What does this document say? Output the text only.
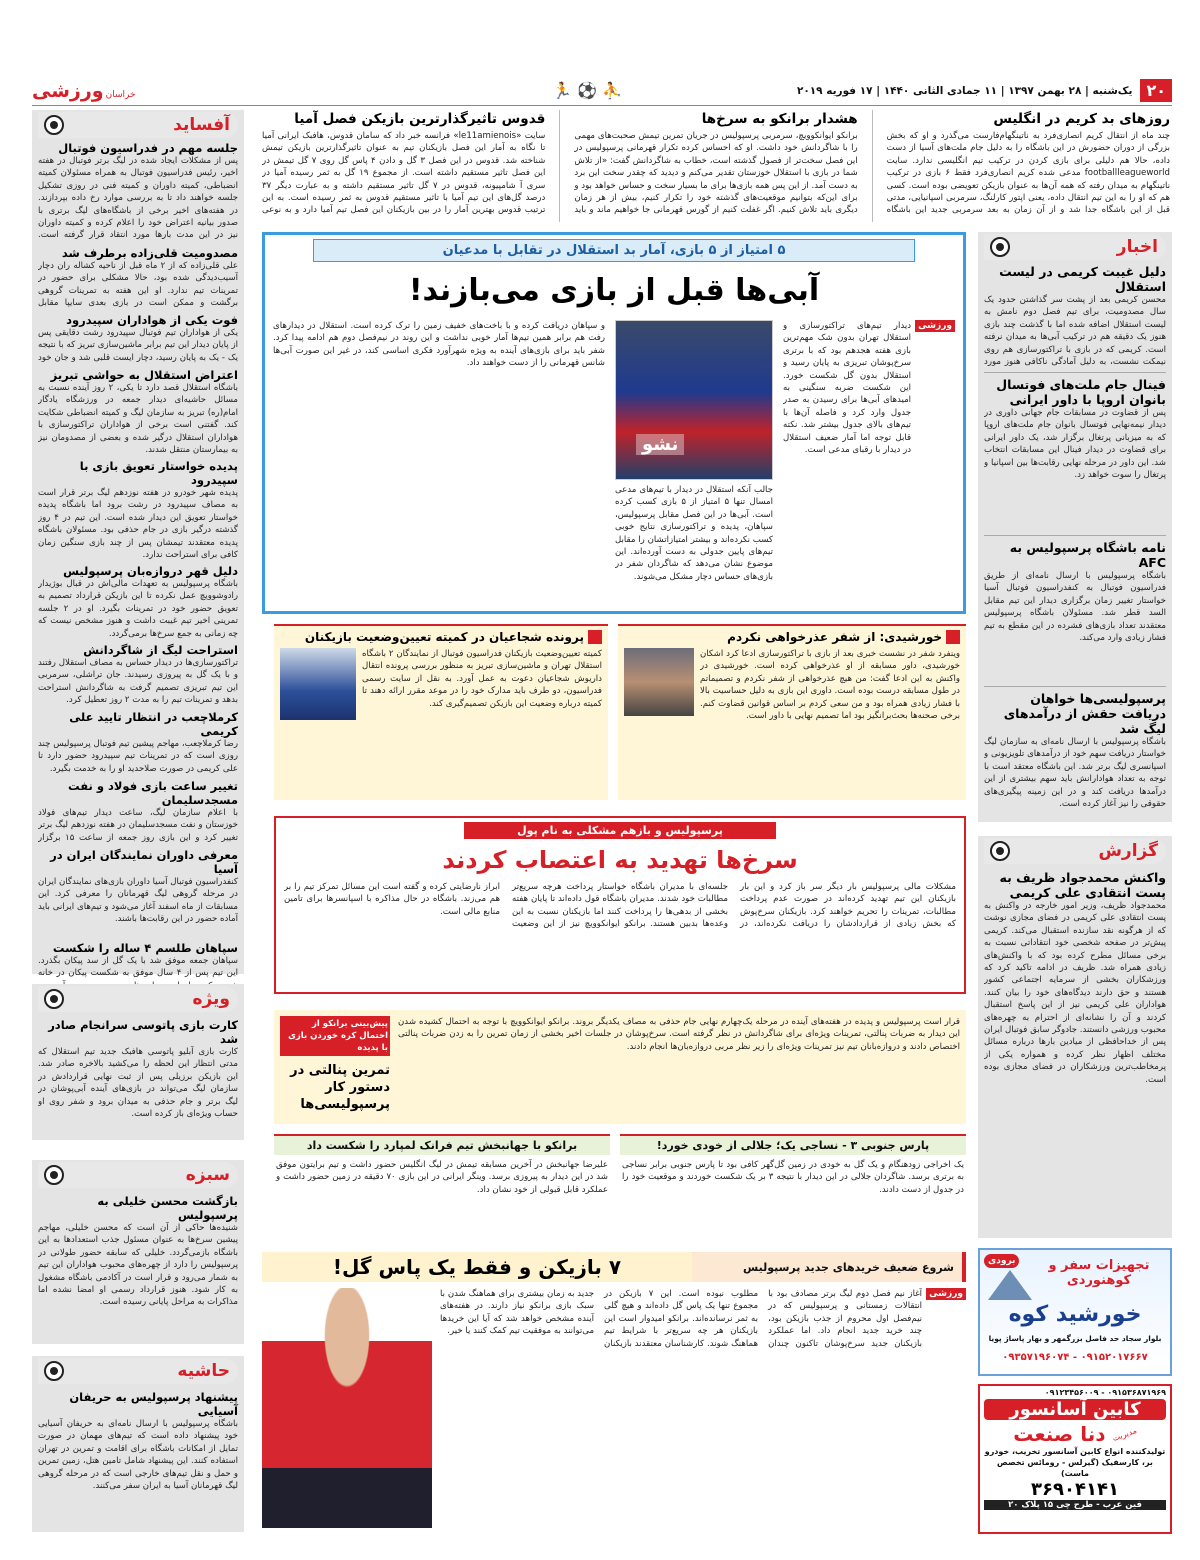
۲۰
یک‌شنبه | ۲۸ بهمن ۱۳۹۷ | ۱۱ جمادی الثانی ۱۴۴۰ | ۱۷ فوریه ۲۰۱۹
⛹ ⚽ 🏃
خراسان
ورزشی
روزهای بد کریم در انگلیس
چند ماه از انتقال کریم انصاری‌فرد به ناتینگهام‌فارست می‌گذرد و او که بخش بزرگی از دوران حضورش در این باشگاه را به دلیل جام ملت‌های آسیا از دست داده، حالا هم دلیلی برای بازی کردن در ترکیب تیم انگلیسی ندارد. سایت footballleagueworld مدعی شده کریم انصاری‌فرد فقط ۶ بازی در ترکیب ناتینگهام به میدان رفته که همه آن‌ها به عنوان بازیکن تعویضی بوده است. کسی هم که او را به این تیم انتقال داده، یعنی اپتور کارلنگ، سرمربی اسپانیایی، مدتی قبل از این باشگاه جدا شد و از آن زمان به بعد سرمربی جدید این باشگاه
هشدار برانکو به سرخ‌ها
برانکو ایوانکوویچ، سرمربی پرسپولیس در جریان تمرین تیمش صحبت‌های مهمی را با شاگردانش خود داشت. او که احساس کرده تکرار قهرمانی پرسپولیس در این فصل سخت‌تر از فصول گذشته است، خطاب به شاگردانش گفت: «از تلاش شما در بازی با استقلال خوزستان تقدیر می‌کنم و دیدید که چقدر سخت این برد به دست آمد. از این پس همه بازی‌ها برای ما بسیار سخت و حساس خواهد بود و برای این‌که بتوانیم موقعیت‌های گذشته خود را تکرار کنیم، بیش از هر زمان دیگری باید تلاش کنیم. اگر غفلت کنیم از گورس قهرمانی جا خواهیم ماند و باید
قدوس تاثیرگذارترین بازیکن فصل آمیا
سایت «le11amienois» فرانسه خبر داد که سامان قدوس، هافبک ایرانی آمیا تا نگاه به آمار این فصل بازیکنان تیم به عنوان تاثیرگذارترین بازیکن تیمش شناخته شد. قدوس در این فصل ۳ گل و دادن ۴ پاس گل روی ۷ گل تیمش در این فصل تاثیر مستقیم داشته است. از مجموع ۱۹ گل به ثمر رسیده آمیا در سری آ شامپیونه، قدوس در ۷ گل تاثیر مستقیم داشته و به عبارت دیگر ۳۷ درصد گل‌های این تیم آمیا با تاثیر مستقیم قدوس به ثمر رسیده است. به این ترتیب قدوس بهترین آمار را در بین بازیکنان این فصل تیم آمیا دارد و به نوعی
آفساید
جلسه مهم در فدراسیون فوتبال
پس از مشکلات ایجاد شده در لیگ برتر فوتبال در هفته اخیر، رئیس فدراسیون فوتبال به همراه مسئولان کمیته انضباطی، کمیته داوران و کمیته فنی در روزی تشکیل جلسه خواهند داد تا به بررسی موارد رخ داده بپردازند. در هفته‌های اخیر برخی از باشگاه‌های لیگ برتری با صدور بیانیه اعتراض خود را اعلام کرده و کمیته داوران نیز در این مدت بارها مورد انتقاد قرار گرفته است.
مصدومیت قلی‌زاده برطرف شد
علی قلی‌زاده که از ۲ ماه قبل از ناحیه کشاله ران دچار آسیب‌دیدگی شده بود، حالا مشکلی برای حضور در تمرینات تیم ندارد. او این هفته به تمرینات گروهی برگشت و ممکن است در بازی بعدی سایپا مقابل
فوت یکی از هواداران سپیدرود
یکی از هواداران تیم فوتبال سپیدرود رشت دقایقی پس از پایان دیدار این تیم برابر ماشین‌سازی تبریز که با نتیجه یک - یک به پایان رسید، دچار ایست قلبی شد و جان خود
اعتراض استقلال به حواشی تبریز
باشگاه استقلال قصد دارد تا یکی، ۲ روز آینده نسبت به مسائل حاشیه‌ای دیدار جمعه در ورزشگاه یادگار امام(ره) تبریز به سازمان لیگ و کمیته انضباطی شکایت کند. گفتنی است برخی از هواداران تراکتورسازی با هواداران استقلال درگیر شده و بعضی از مصدومان نیز به بیمارستان منتقل شدند.
پدیده خواستار تعویق بازی با سپیدرود
پدیده شهر خودرو در هفته نوزدهم لیگ برتر قرار است به مصاف سپیدرود در رشت برود اما باشگاه پدیده خواستار تعویق این دیدار شده است. این تیم در ۴ روز گذشته درگیر بازی در جام حذفی بود. مسئولان باشگاه پدیده معتقدند تیمشان پس از چند بازی سنگین زمان کافی برای استراحت ندارد.
دلیل قهر دروازه‌بان پرسپولیس
باشگاه پرسپولیس به تعهدات مالی‌اش در قبال بوژیدار رادوشوویچ عمل نکرده تا این بازیکن قرارداد تصمیم به تعویق حضور خود در تمرینات بگیرد. او در ۲ جلسه تمرینی اخیر تیم غیبت داشت و هنوز مشخص نیست که چه زمانی به جمع سرخ‌ها برمی‌گردد.
استراحت لیگ از شاگردانش
تراکتورسازی‌ها در دیدار حساس به مصاف استقلال رفتند و با یک گل به پیروزی رسیدند. جان تراشلی، سرمربی این تیم تبریزی تصمیم گرفت به شاگردانش استراحت بدهد و تمرینات تیم را به مدت ۲ روز تعطیل کرد.
کرملاچعب در انتظار تایید علی کریمی
رضا کرملاچعب، مهاجم پیشین تیم فوتبال پرسپولیس چند روزی است که در تمرینات تیم سپیدرود حضور دارد تا علی کریمی در صورت صلاحدید او را به خدمت بگیرد.
تغییر ساعت بازی فولاد و نفت مسجدسلیمان
با اعلام سازمان لیگ، ساعت دیدار تیم‌های فولاد خوزستان و نفت مسجدسلیمان در هفته نوزدهم لیگ برتر تغییر کرد و این بازی روز جمعه از ساعت ۱۵ برگزار
معرفی داوران نمایندگان ایران در آسیا
کنفدراسیون فوتبال آسیا داوران بازی‌های نمایندگان ایران در مرحله گروهی لیگ قهرمانان را معرفی کرد. این مسابقات از ماه اسفند آغاز می‌شود و تیم‌های ایرانی باید آماده حضور در این رقابت‌ها باشند.
سپاهان طلسم ۴ ساله را شکست
سپاهان جمعه موفق شد با یک گل از سد پیکان بگذرد. این تیم پس از ۴ سال موفق به شکست پیکان در خانه
ویژه
کارت بازی پاتوسی سرانجام صادر شد
کارت بازی آبلیو پاتوسی هافبک جدید تیم استقلال که مدتی انتظار این لحظه را می‌کشید بالاخره صادر شد. این بازیکن برزیلی پس از ثبت نهایی قراردادش در سازمان لیگ می‌تواند در بازی‌های آینده آبی‌پوشان در لیگ برتر و جام حذفی به میدان برود و شفر روی او حساب ویژه‌ای باز کرده است.
سبزه
بازگشت محسن خلیلی به پرسپولیس
شنیده‌ها حاکی از آن است که محسن خلیلی، مهاجم پیشین سرخ‌ها به عنوان مسئول جذب استعدادها به این باشگاه بازمی‌گردد. خلیلی که سابقه حضور طولانی در پرسپولیس را دارد از چهره‌های محبوب هواداران این تیم به شمار می‌رود و قرار است در آکادمی باشگاه مشغول به کار شود. هنوز قرارداد رسمی او امضا نشده اما مذاکرات به مراحل پایانی رسیده است.
حاشیه
پیشنهاد پرسپولیس به حریفان آسیایی
باشگاه پرسپولیس با ارسال نامه‌ای به حریفان آسیایی خود پیشنهاد داده است که تیم‌های مهمان در صورت تمایل از امکانات باشگاه برای اقامت و تمرین در تهران استفاده کنند. این پیشنهاد شامل تامین هتل، زمین تمرین و حمل و نقل تیم‌های خارجی است که در مرحله گروهی لیگ قهرمانان آسیا به ایران سفر می‌کنند.
اخبار
دلیل غیبت کریمی در لیست استقلال
محسن کریمی بعد از پشت سر گذاشتن حدود یک سال مصدومیت، برای تیم فصل دوم نامش به لیست استقلال اضافه شده اما با گذشت چند بازی هنوز یک دقیقه هم در ترکیب آبی‌ها به میدان نرفته است. کریمی که در بازی با تراکتورسازی هم روی نیمکت نشست، به دلیل آمادگی ناکافی هنوز مورد
فینال جام ملت‌های فوتسال بانوان اروپا با داور ایرانی
پس از قضاوت در مسابقات جام جهانی داوری در دیدار نیمه‌نهایی فوتسال بانوان جام ملت‌های اروپا که به میزبانی پرتغال برگزار شد، یک داور ایرانی برای قضاوت در دیدار فینال این مسابقات انتخاب شد. این داور در مرحله نهایی رقابت‌ها بین اسپانیا و پرتغال را سوت خواهد زد.
نامه باشگاه پرسپولیس به AFC
باشگاه پرسپولیس با ارسال نامه‌ای از طریق فدراسیون فوتبال به کنفدراسیون فوتبال آسیا خواستار تغییر زمان برگزاری دیدار این تیم مقابل السد قطر شد. مسئولان باشگاه پرسپولیس معتقدند تعداد بازی‌های فشرده در این مقطع به تیم فشار زیادی وارد می‌کند.
پرسپولیسی‌ها خواهان دریافت حقش از درآمدهای لیگ شد
باشگاه پرسپولیس با ارسال نامه‌ای به سازمان لیگ خواستار دریافت سهم خود از درآمدهای تلویزیونی و اسپانسری لیگ برتر شد. این باشگاه معتقد است با توجه به تعداد هوادارانش باید سهم بیشتری از این درآمدها دریافت کند و در این زمینه پیگیری‌های حقوقی را نیز آغاز کرده است.
گزارش
واکنش محمدجواد ظریف به پست انتقادی علی کریمی
محمدجواد ظریف، وزیر امور خارجه در واکنش به پست انتقادی علی کریمی در فضای مجازی نوشت که از هرگونه نقد سازنده استقبال می‌کند. کریمی پیش‌تر در صفحه شخصی خود انتقاداتی نسبت به برخی مسائل مطرح کرده بود که با واکنش‌های زیادی همراه شد. ظریف در ادامه تاکید کرد که ورزشکاران بخشی از سرمایه اجتماعی کشور هستند و حق دارند دیدگاه‌های خود را بیان کنند. هواداران علی کریمی نیز از این پاسخ استقبال کردند و آن را نشانه‌ای از احترام به چهره‌های محبوب ورزشی دانستند. جادوگر سابق فوتبال ایران پس از خداحافظی از میادین بارها درباره مسائل مختلف اظهار نظر کرده و همواره یکی از پرمخاطب‌ترین ورزشکاران در فضای مجازی بوده است.
برودی	تجهیزات سفر و کوهنوردی
خورشید کوه
بلوار سجاد حد فاصل بزرگمهر و بهار پاساژ پویا
۰۹۱۵۲۰۱۷۶۶۷ - ۰۹۳۵۷۱۹۶۰۷۴
۰۹۱۵۳۶۸۷۱۹۶۹ - ۰۹۱۲۳۴۵۶۰۰۹
کابین آسانسور
مدیریت
دنا صنعت
تولیدکننده انواع کابین آسانسور تخریب، خودرو بر، کارسفیک (گیرلس - رومائس تخصص ماست)
۳۶۹۰۴۱۴۱
فین عرب - طرح چی ۱۵ پلاک ۲۰
۵ امتیاز از ۵ بازی، آمار بد استقلال در تقابل با مدعیان
آبی‌ها قبل از بازی می‌بازند!
ورزشی
دیدار تیم‌های تراکتورسازی و استقلال تهران بدون شک مهم‌ترین بازی هفته هجدهم بود که با برتری سرخ‌پوشان تبریزی به پایان رسید و استقلال بدون گل شکست خورد. این شکست ضربه سنگینی به امیدهای آبی‌ها برای رسیدن به صدر جدول وارد کرد و فاصله آن‌ها با تیم‌های بالای جدول بیشتر شد. نکته قابل توجه اما آمار ضعیف استقلال در دیدار با رقبای مدعی است.
نشو
جالب آنکه استقلال در دیدار با تیم‌های مدعی امسال تنها ۵ امتیاز از ۵ بازی کسب کرده است. آبی‌ها در این فصل مقابل پرسپولیس، سپاهان، پدیده و تراکتورسازی نتایج خوبی کسب نکرده‌اند و بیشتر امتیازاتشان را مقابل تیم‌های پایین جدولی به دست آورده‌اند. این موضوع نشان می‌دهد که شاگردان شفر در بازی‌های حساس دچار مشکل می‌شوند.
و سپاهان دریافت کرده و با باخت‌های خفیف زمین را ترک کرده است. استقلال در دیدارهای رفت هم برابر همین تیم‌ها آمار خوبی نداشت و این روند در نیم‌فصل دوم هم ادامه پیدا کرد. شفر باید برای بازی‌های آینده به ویژه شهرآورد فکری اساسی کند، در غیر این صورت آبی‌ها شانس قهرمانی را از دست خواهند داد.
خورشیدی: از شفر عذرخواهی نکردم
وینفرد شفر در نشست خبری بعد از بازی با تراکتورسازی ادعا کرد اشکان خورشیدی، داور مسابقه از او عذرخواهی کرده است. خورشیدی در واکنش به این ادعا گفت: من هیچ عذرخواهی از شفر نکردم و تصمیماتم در طول مسابقه درست بوده است. داوری این بازی به دلیل حساسیت بالا با فشار زیادی همراه بود و من سعی کردم بر اساس قوانین قضاوت کنم. برخی صحنه‌ها بحث‌برانگیز بود اما تصمیم نهایی با داور است.
پرونده شجاعیان در کمیته تعیین‌وضعیت بازیکنان
کمیته تعیین‌وضعیت بازیکنان فدراسیون فوتبال از نمایندگان ۲ باشگاه استقلال تهران و ماشین‌سازی تبریز به منظور بررسی پرونده انتقال داریوش شجاعیان دعوت به عمل آورد. به نقل از سایت رسمی فدراسیون، دو طرف باید مدارک خود را در موعد مقرر ارائه دهند تا کمیته درباره وضعیت این بازیکن تصمیم‌گیری کند.
پرسپولیس و بازهم مشکلی به نام پول
سرخ‌ها تهدید به اعتصاب کردند
مشکلات مالی پرسپولیس بار دیگر سر باز کرد و این بار بازیکنان این تیم تهدید کرده‌اند در صورت عدم پرداخت مطالبات، تمرینات را تحریم خواهند کرد. بازیکنان سرخ‌پوش که بخش زیادی از قراردادشان را دریافت نکرده‌اند، در جلسه‌ای با مدیران باشگاه خواستار پرداخت هرچه سریع‌تر مطالبات خود شدند. مدیران باشگاه قول داده‌اند تا پایان هفته بخشی از بدهی‌ها را پرداخت کنند اما بازیکنان نسبت به این وعده‌ها بدبین هستند. برانکو ایوانکوویچ نیز از این وضعیت ابراز نارضایتی کرده و گفته است این مسائل تمرکز تیم را بر هم می‌زند. باشگاه در حال مذاکره با اسپانسرها برای تامین منابع مالی است.
قرار است پرسپولیس و پدیده در هفته‌های آینده در مرحله یک‌چهارم نهایی جام حذفی به مصاف یکدیگر بروند. برانکو ایوانکوویچ با توجه به احتمال کشیده شدن این دیدار به ضربات پنالتی، تمرینات ویژه‌ای برای شاگردانش در نظر گرفته است. سرخ‌پوشان در جلسات اخیر بخشی از زمان تمرین را به زدن ضربات پنالتی اختصاص دادند و دروازه‌بانان تیم نیز تمرینات ویژه‌ای را زیر نظر مربی دروازه‌بان‌ها انجام دادند.
پیش‌بینی برانکو از احتمال کره خوردن بازی با پدیده
تمرین پنالتی در دستور کار پرسپولیسی‌ها
پارس جنوبی ۳ - نساجی یک؛ جلالی از خودی خورد!
یک اخراجی زودهنگام و یک گل به خودی در زمین گل‌گهر کافی بود تا پارس جنوبی برابر نساجی به برتری برسد. شاگردان جلالی در این دیدار با نتیجه ۳ بر یک شکست خوردند و موقعیت خود را در جدول از دست دادند.
برانکو با جهانبخش تیم فرانک لمپارد را شکست داد
علیرضا جهانبخش در آخرین مسابقه تیمش در لیگ انگلیس حضور داشت و تیم برایتون موفق شد در این دیدار به پیروزی برسد. وینگر ایرانی در این بازی ۷۰ دقیقه در زمین حضور داشت و عملکرد قابل قبولی از خود نشان داد.
شروع ضعیف خریدهای جدید پرسپولیس
۷ بازیکن و فقط یک پاس گل!
ورزشی
آغاز نیم فصل دوم لیگ برتر مصادف بود با انتقالات زمستانی و پرسپولیس که در نیم‌فصل اول محروم از جذب بازیکن بود، چند خرید جدید انجام داد. اما عملکرد بازیکنان جدید سرخ‌پوشان تاکنون چندان مطلوب نبوده است. این ۷ بازیکن در مجموع تنها یک پاس گل داده‌اند و هیچ گلی به ثمر نرسانده‌اند. برانکو امیدوار است این بازیکنان هر چه سریع‌تر با شرایط تیم هماهنگ شوند. کارشناسان معتقدند بازیکنان جدید به زمان بیشتری برای هماهنگ شدن با سبک بازی برانکو نیاز دارند. در هفته‌های آینده مشخص خواهد شد که آیا این خریدها می‌توانند به موفقیت تیم کمک کنند یا خیر.
